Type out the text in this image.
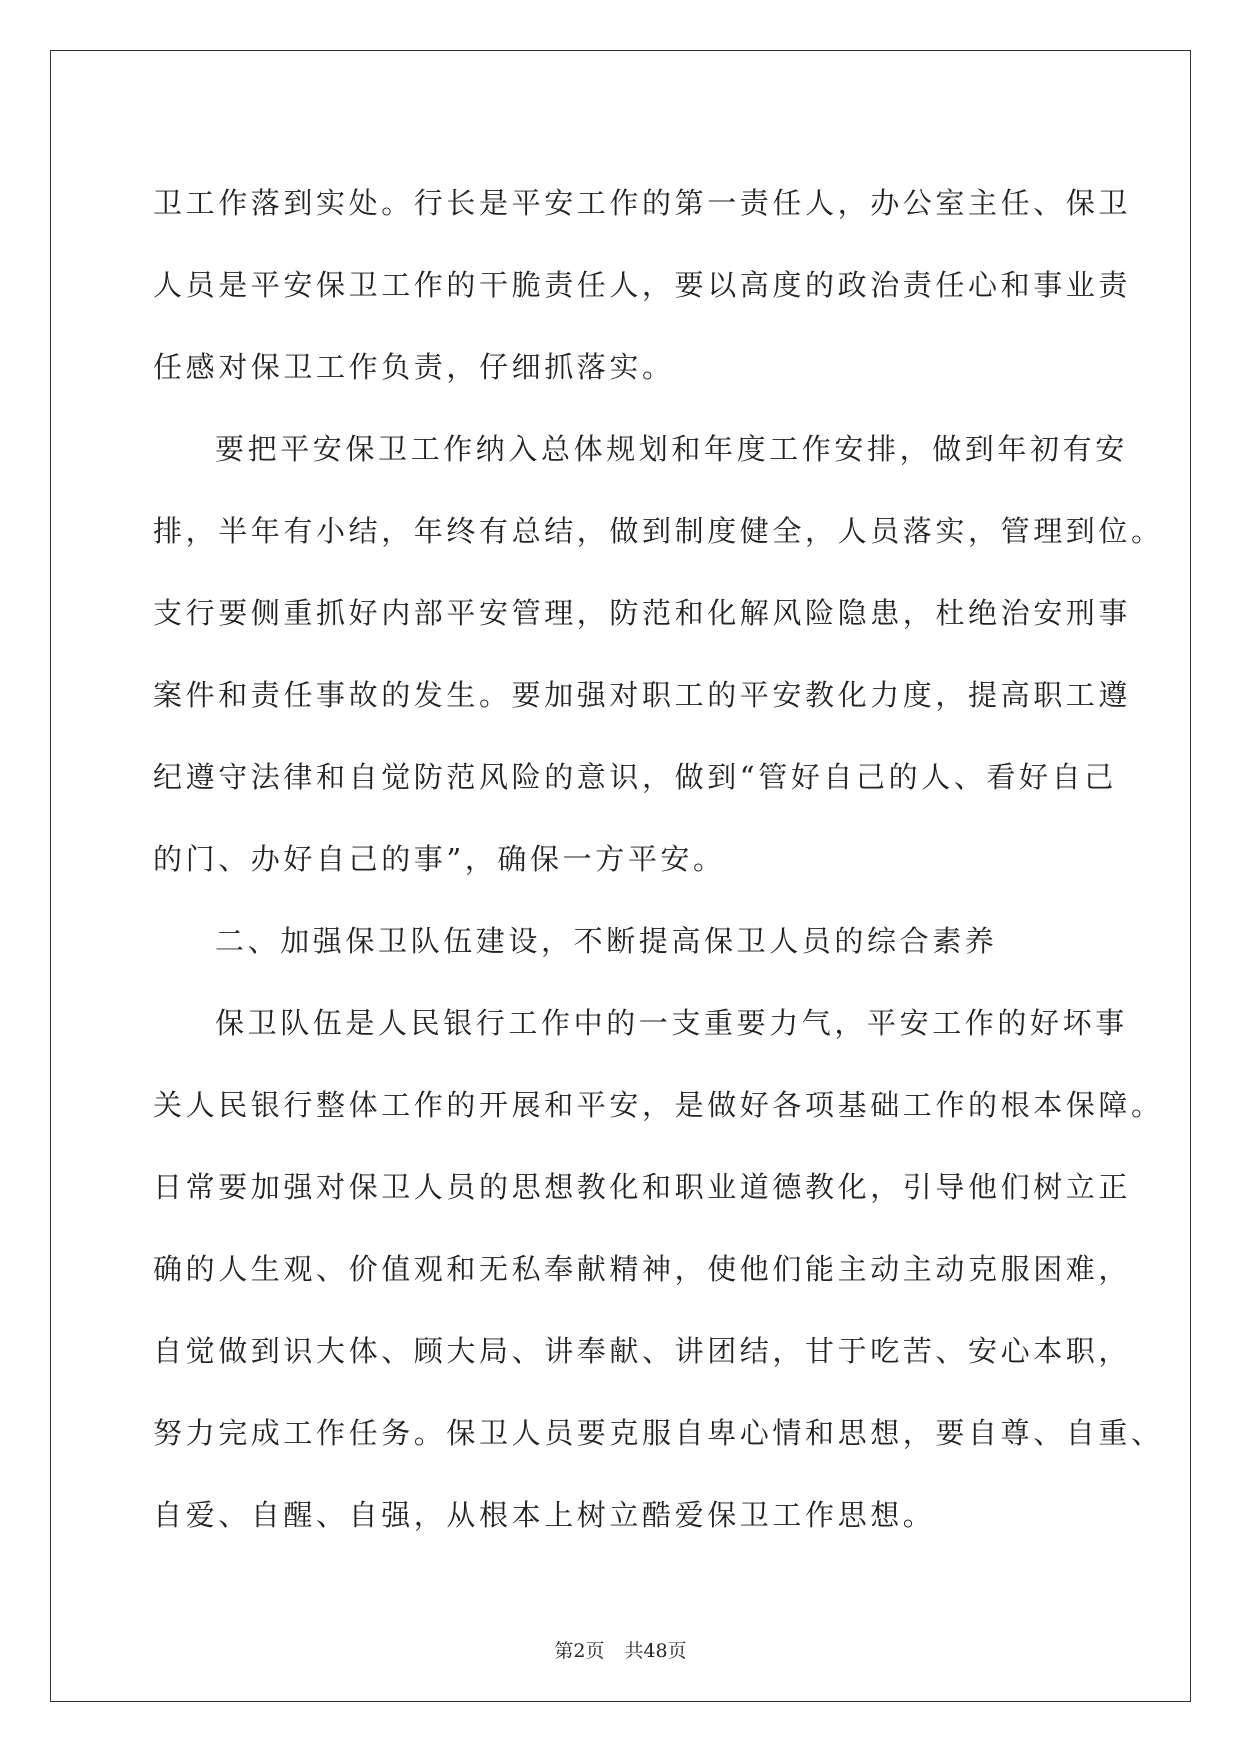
卫工作落到实处。行长是平安工作的第一责任人，办公室主任、保卫
人员是平安保卫工作的干脆责任人，要以高度的政治责任心和事业责
任感对保卫工作负责，仔细抓落实。
要把平安保卫工作纳入总体规划和年度工作安排，做到年初有安
排，半年有小结，年终有总结，做到制度健全，人员落实，管理到位。
支行要侧重抓好内部平安管理，防范和化解风险隐患，杜绝治安刑事
案件和责任事故的发生。要加强对职工的平安教化力度，提高职工遵
纪遵守法律和自觉防范风险的意识，做到“管好自己的人、看好自己
的门、办好自己的事”，确保一方平安。
二、加强保卫队伍建设，不断提高保卫人员的综合素养
保卫队伍是人民银行工作中的一支重要力气，平安工作的好坏事
关人民银行整体工作的开展和平安，是做好各项基础工作的根本保障。
日常要加强对保卫人员的思想教化和职业道德教化，引导他们树立正
确的人生观、价值观和无私奉献精神，使他们能主动主动克服困难，
自觉做到识大体、顾大局、讲奉献、讲团结，甘于吃苦、安心本职，
努力完成工作任务。保卫人员要克服自卑心情和思想，要自尊、自重、
自爱、自醒、自强，从根本上树立酷爱保卫工作思想。
第2页 共48页
